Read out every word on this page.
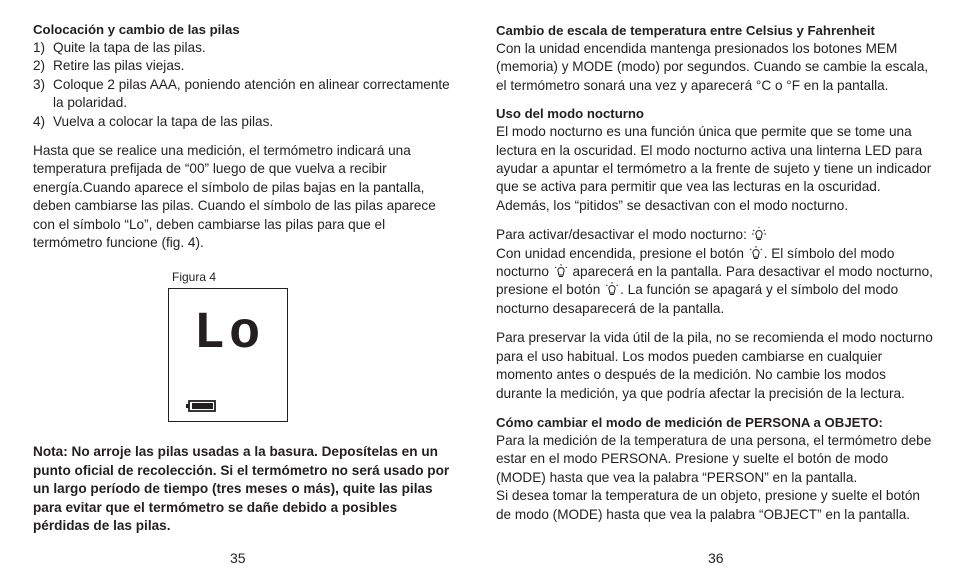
Colocación y cambio de las pilas

1) Quite la tapa de las pilas.
2) Retire las pilas viejas.
3) Coloque 2 pilas AAA, poniendo atención en alinear correctamente la polaridad.
4) Vuelva a colocar la tapa de las pilas.

Hasta que se realice una medición, el termómetro indicará una temperatura prefijada de “00” luego de que vuelva a recibir energía.Cuando aparece el símbolo de pilas bajas en la pantalla, deben cambiarse las pilas. Cuando el símbolo de las pilas aparece con el símbolo “Lo”, deben cambiarse las pilas para que el termómetro funcione (fig. 4).

Figura 4
Lo

Nota: No arroje las pilas usadas a la basura. Deposítelas en un punto oficial de recolección. Si el termómetro no será usado por un largo período de tiempo (tres meses o más), quite las pilas para evitar que el termómetro se dañe debido a posibles pérdidas de las pilas.

35

Cambio de escala de temperatura entre Celsius y Fahrenheit

Con la unidad encendida mantenga presionados los botones MEM (memoria) y MODE (modo) por segundos. Cuando se cambie la escala, el termómetro sonará una vez y aparecerá °C o °F en la pantalla.

Uso del modo nocturno

El modo nocturno es una función única que permite que se tome una lectura en la oscuridad. El modo nocturno activa una linterna LED para ayudar a apuntar el termómetro a la frente de sujeto y tiene un indicador que se activa para permitir que vea las lecturas en la oscuridad. Además, los “pitidos” se desactivan con el modo nocturno.

Para activar/desactivar el modo nocturno:

Con unidad encendida, presione el botón . El símbolo del modo nocturno aparecerá en la pantalla. Para desactivar el modo nocturno, presione el botón . La función se apagará y el símbolo del modo nocturno desaparecerá de la pantalla.

Para preservar la vida útil de la pila, no se recomienda el modo nocturno para el uso habitual. Los modos pueden cambiarse en cualquier momento antes o después de la medición. No cambie los modos durante la medición, ya que podría afectar la precisión de la lectura.

Cómo cambiar el modo de medición de PERSONA a OBJETO:

Para la medición de la temperatura de una persona, el termómetro debe estar en el modo PERSONA. Presione y suelte el botón de modo (MODE) hasta que vea la palabra “PERSON” en la pantalla.

Si desea tomar la temperatura de un objeto, presione y suelte el botón de modo (MODE) hasta que vea la palabra “OBJECT” en la pantalla.

36
